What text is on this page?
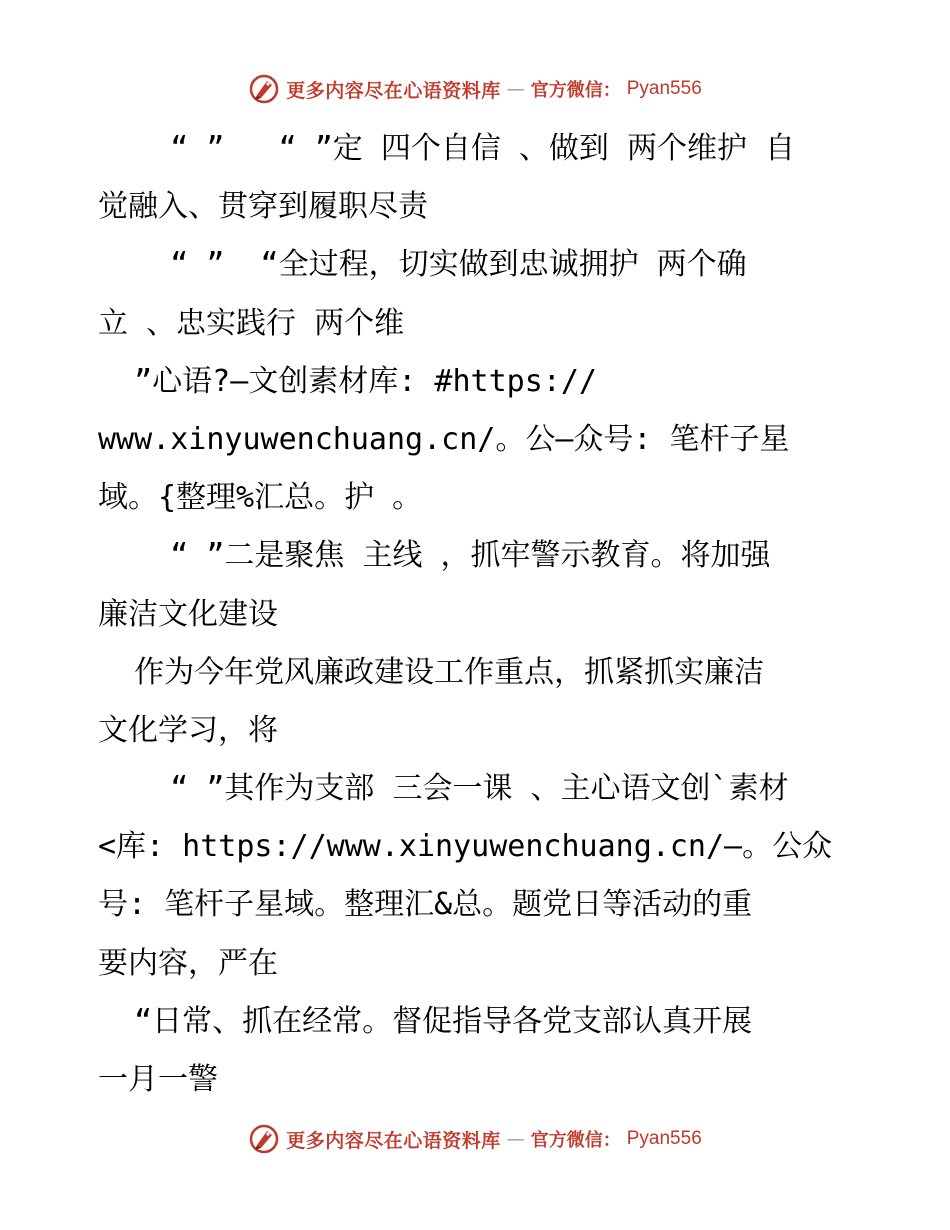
更多内容尽在心语资料库 — 官方微信： Pyan556
“ ”   “ ”定 四个自信 、做到 两个维护 自
觉融入、贯穿到履职尽责
“ ”  “全过程，切实做到忠诚拥护 两个确
立 、忠实践行 两个维
”心语?—文创素材库: #https://
www.xinyuwenchuang.cn/。公—众号: 笔杆子星
域。{整理%汇总。护 。
“ ”二是聚焦 主线 ，抓牢警示教育。将加强
廉洁文化建设
作为今年党风廉政建设工作重点，抓紧抓实廉洁
文化学习，将
“ ”其作为支部 三会一课 、主心语文创`素材
<库: https://www.xinyuwenchuang.cn/—。公众
号: 笔杆子星域。整理汇&总。题党日等活动的重
要内容，严在
“日常、抓在经常。督促指导各党支部认真开展
一月一警
更多内容尽在心语资料库 — 官方微信： Pyan556
